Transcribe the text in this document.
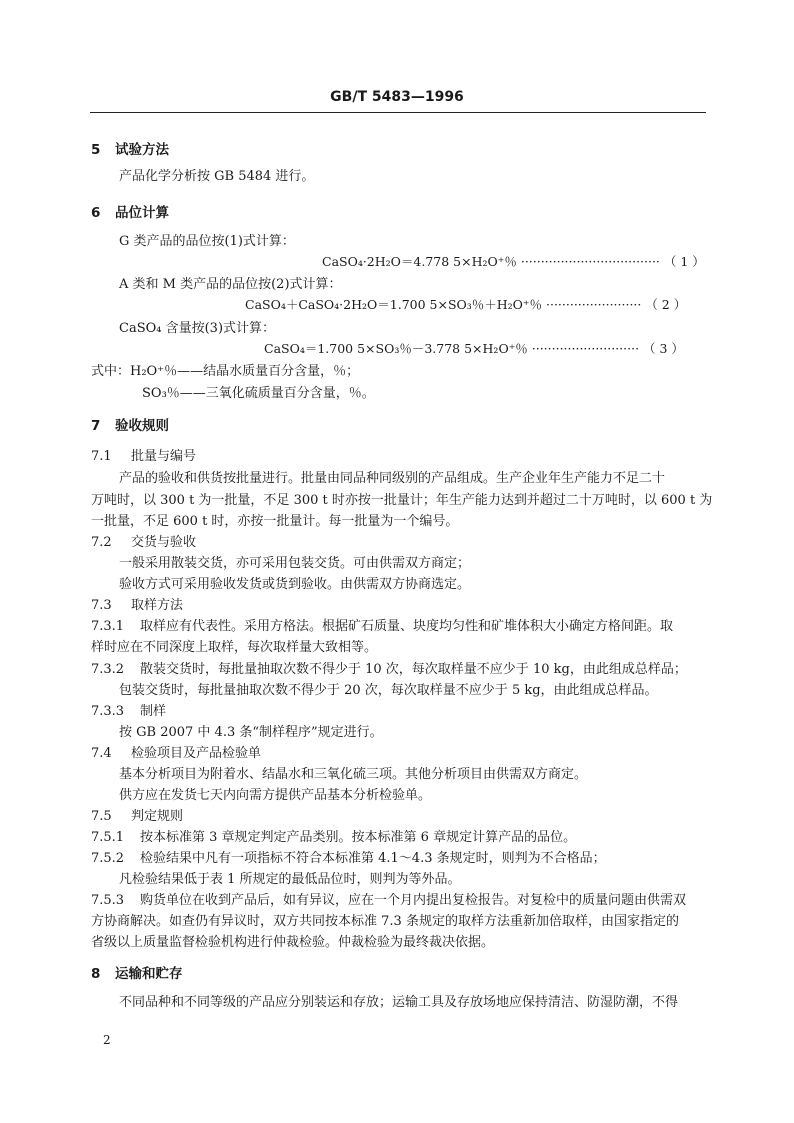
GB/T 5483—1996
5 试验方法
产品化学分析按 GB 5484 进行。
6 品位计算
G 类产品的品位按(1)式计算：
CaSO₄·2H₂O＝4.778 5×H₂O⁺％ ··································· （ 1 ）
A 类和 M 类产品的品位按(2)式计算：
CaSO₄＋CaSO₄·2H₂O＝1.700 5×SO₃％＋H₂O⁺％ ························ （ 2 ）
CaSO₄ 含量按(3)式计算：
CaSO₄＝1.700 5×SO₃％－3.778 5×H₂O⁺％ ··························· （ 3 ）
式中：H₂O⁺％——结晶水质量百分含量，％；
SO₃％——三氧化硫质量百分含量，％。
7 验收规则
7.1 批量与编号
产品的验收和供货按批量进行。批量由同品种同级别的产品组成。生产企业年生产能力不足二十
万吨时，以 300 t 为一批量，不足 300 t 时亦按一批量计；年生产能力达到并超过二十万吨时，以 600 t 为
一批量，不足 600 t 时，亦按一批量计。每一批量为一个编号。
7.2 交货与验收
一般采用散装交货，亦可采用包装交货。可由供需双方商定；
验收方式可采用验收发货或货到验收。由供需双方协商选定。
7.3 取样方法
7.3.1 取样应有代表性。采用方格法。根据矿石质量、块度均匀性和矿堆体积大小确定方格间距。取
样时应在不同深度上取样，每次取样量大致相等。
7.3.2 散装交货时，每批量抽取次数不得少于 10 次，每次取样量不应少于 10 kg，由此组成总样品；
包装交货时，每批量抽取次数不得少于 20 次，每次取样量不应少于 5 kg，由此组成总样品。
7.3.3 制样
按 GB 2007 中 4.3 条“制样程序”规定进行。
7.4 检验项目及产品检验单
基本分析项目为附着水、结晶水和三氧化硫三项。其他分析项目由供需双方商定。
供方应在发货七天内向需方提供产品基本分析检验单。
7.5 判定规则
7.5.1 按本标准第 3 章规定判定产品类别。按本标准第 6 章规定计算产品的品位。
7.5.2 检验结果中凡有一项指标不符合本标准第 4.1～4.3 条规定时，则判为不合格品；
凡检验结果低于表 1 所规定的最低品位时，则判为等外品。
7.5.3 购货单位在收到产品后，如有异议，应在一个月内提出复检报告。对复检中的质量问题由供需双
方协商解决。如查仍有异议时，双方共同按本标准 7.3 条规定的取样方法重新加倍取样，由国家指定的
省级以上质量监督检验机构进行仲裁检验。仲裁检验为最终裁决依据。
8 运输和贮存
不同品种和不同等级的产品应分别装运和存放；运输工具及存放场地应保持清洁、防湿防潮，不得
2
